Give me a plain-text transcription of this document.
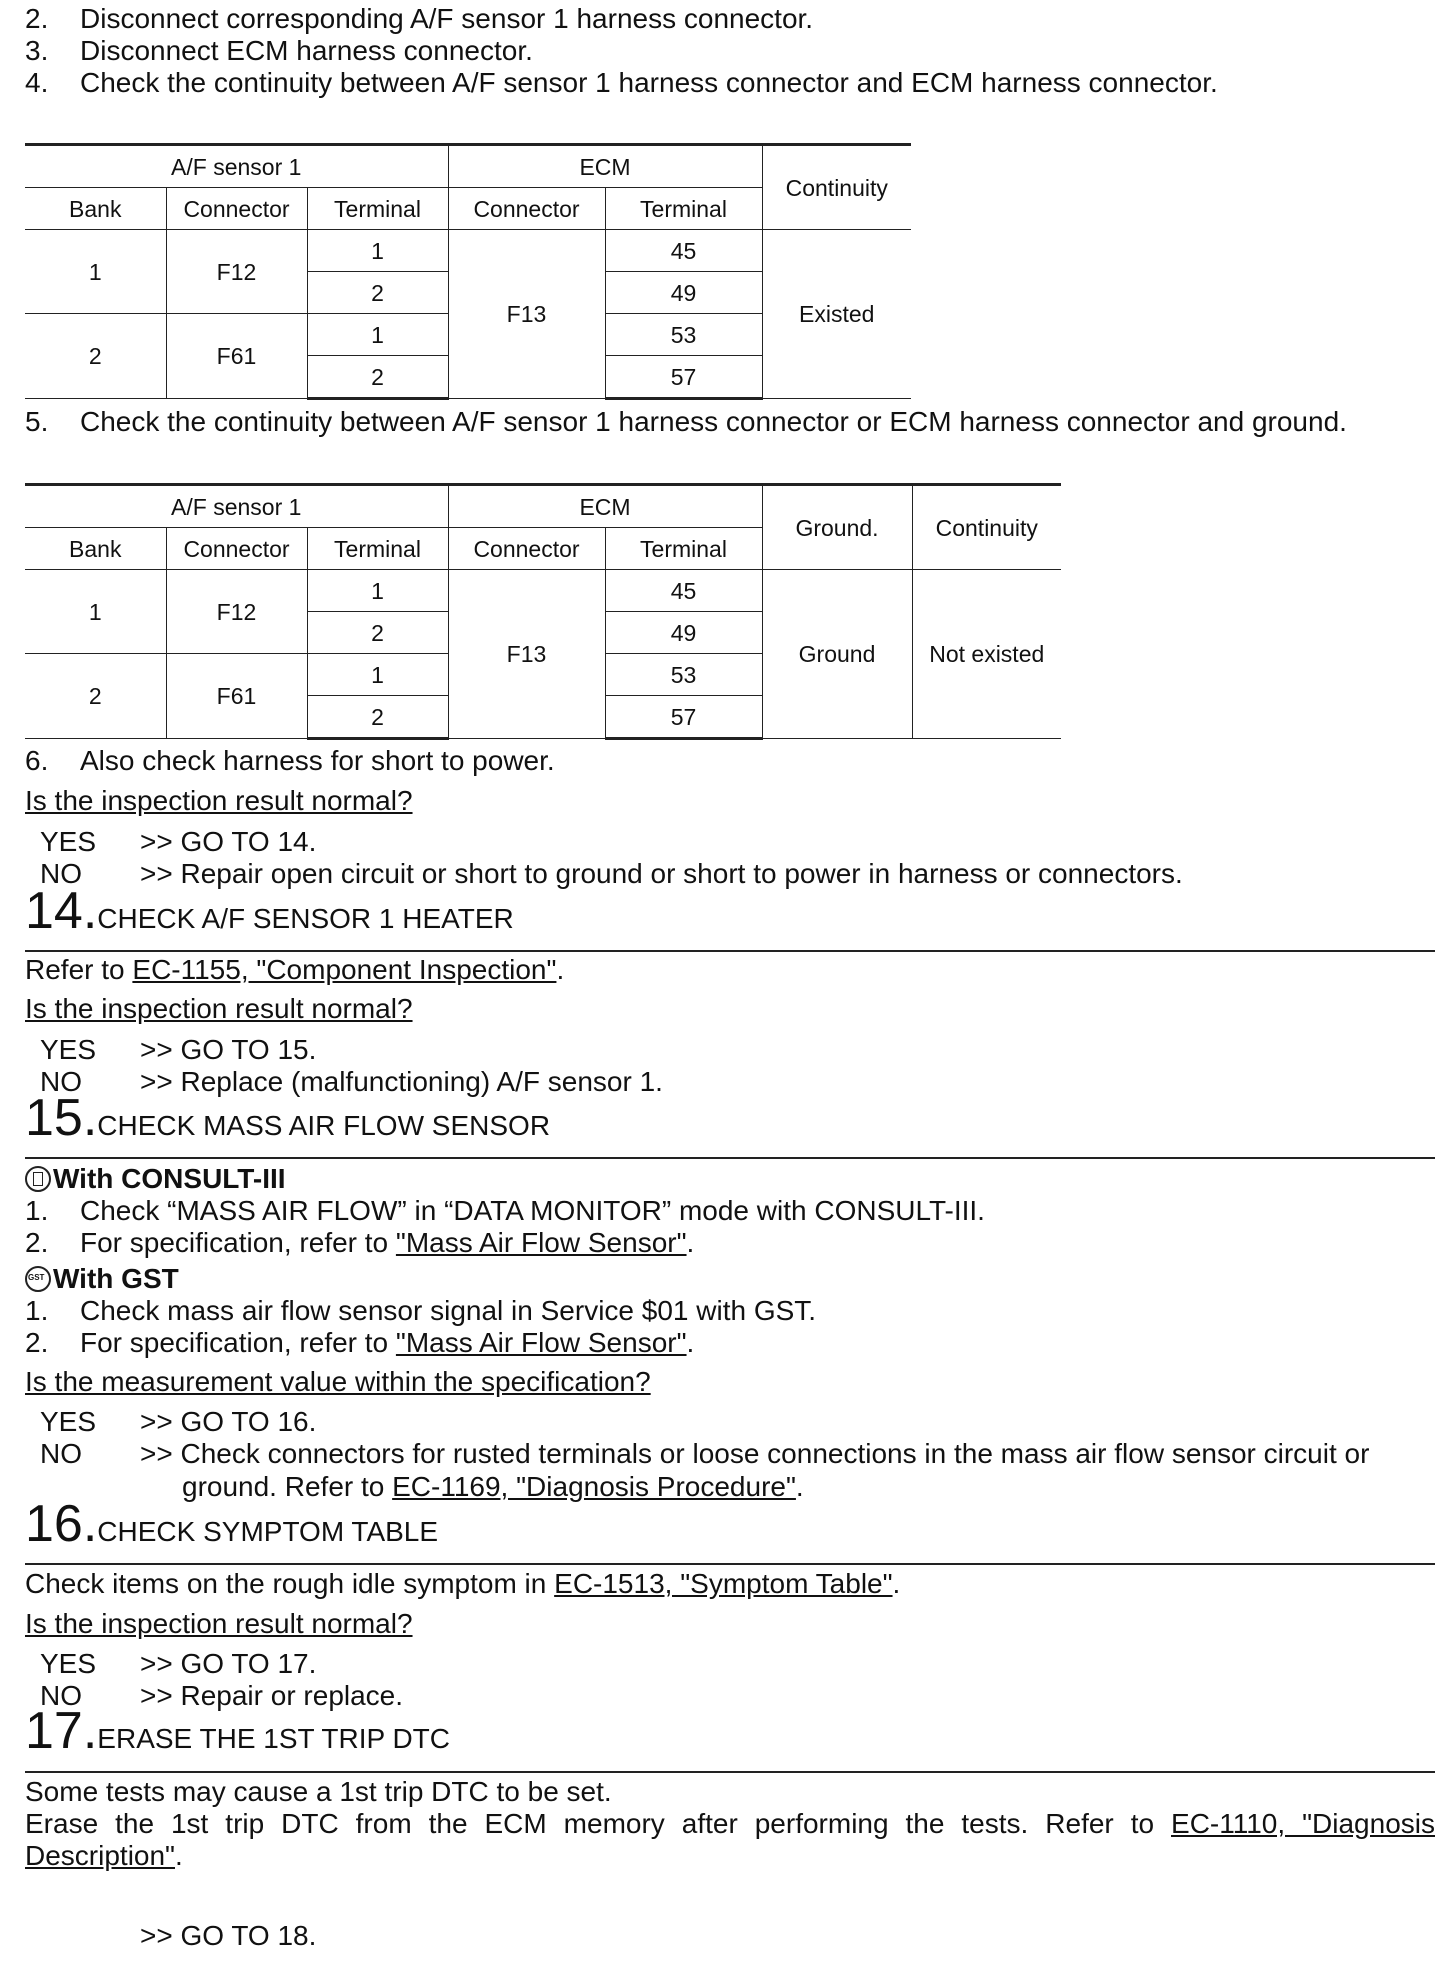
2. Disconnect corresponding A/F sensor 1 harness connector.
3. Disconnect ECM harness connector.
4. Check the continuity between A/F sensor 1 harness connector and ECM harness connector.
A/F sensor 1			ECM		Continuity
Bank	Connector	Terminal	Connector	Terminal	
1	F12	1	F13	45	Existed
		2		49	
2	F61	1		53	
		2		57	
5. Check the continuity between A/F sensor 1 harness connector or ECM harness connector and ground.
A/F sensor 1			ECM		Ground.	Continuity
Bank	Connector	Terminal	Connector	Terminal		
1	F12	1	F13	45	Ground	Not existed
		2		49		
2	F61	1		53		
		2		57		
6. Also check harness for short to power.
Is the inspection result normal?
YES >> GO TO 14.
NO >> Repair open circuit or short to ground or short to power in harness or connectors.
14.CHECK A/F SENSOR 1 HEATER
Refer to EC-1155, "Component Inspection".
Is the inspection result normal?
YES >> GO TO 15.
NO >> Replace (malfunctioning) A/F sensor 1.
15.CHECK MASS AIR FLOW SENSOR
With CONSULT-III
1. Check “MASS AIR FLOW” in “DATA MONITOR” mode with CONSULT-III.
2. For specification, refer to "Mass Air Flow Sensor".
GSTWith GST
1. Check mass air flow sensor signal in Service $01 with GST.
2. For specification, refer to "Mass Air Flow Sensor".
Is the measurement value within the specification?
YES >> GO TO 16.
NO >> Check connectors for rusted terminals or loose connections in the mass air flow sensor circuit or
ground. Refer to EC-1169, "Diagnosis Procedure".
16.CHECK SYMPTOM TABLE
Check items on the rough idle symptom in EC-1513, "Symptom Table".
Is the inspection result normal?
YES >> GO TO 17.
NO >> Repair or replace.
17.ERASE THE 1ST TRIP DTC
Some tests may cause a 1st trip DTC to be set.
Erase the 1st trip DTC from the ECM memory after performing the tests. Refer to EC-1110, "Diagnosis
Description".
>> GO TO 18.
